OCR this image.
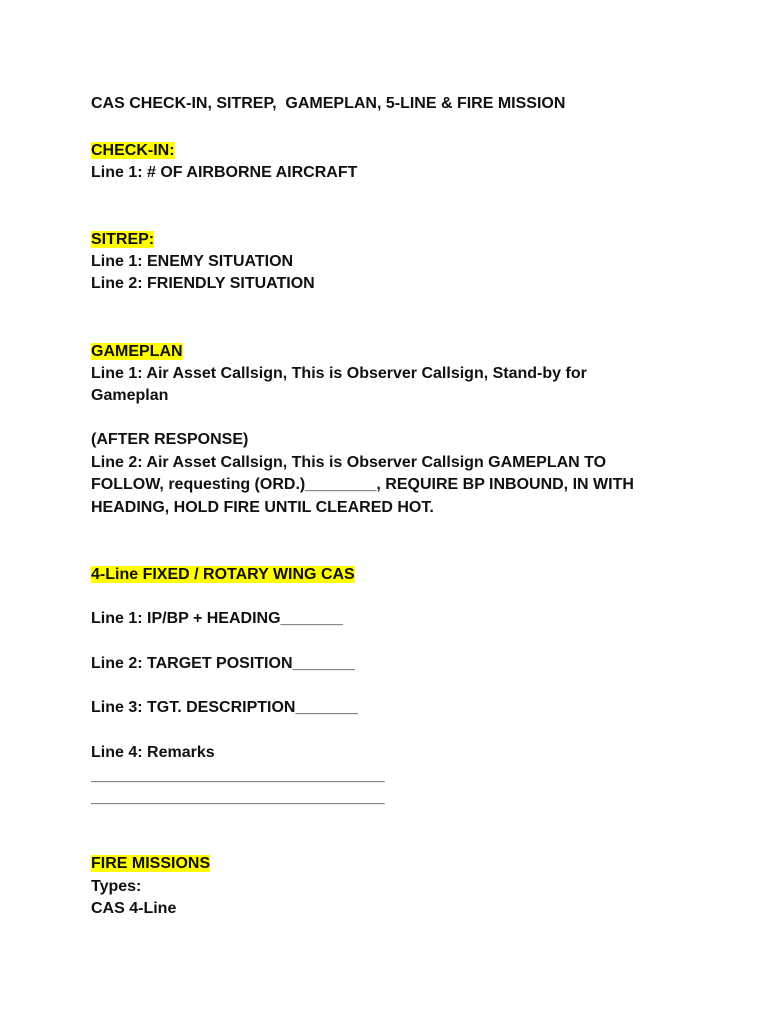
CAS CHECK-IN, SITREP,  GAMEPLAN, 5-LINE & FIRE MISSION
CHECK-IN:
Line 1: # OF AIRBORNE AIRCRAFT
SITREP:
Line 1: ENEMY SITUATION
Line 2: FRIENDLY SITUATION
GAMEPLAN
Line 1: Air Asset Callsign, This is Observer Callsign, Stand-by for
Gameplan
(AFTER RESPONSE)
Line 2: Air Asset Callsign, This is Observer Callsign GAMEPLAN TO
FOLLOW, requesting (ORD.)________, REQUIRE BP INBOUND, IN WITH
HEADING, HOLD FIRE UNTIL CLEARED HOT.
4-Line FIXED / ROTARY WING CAS
Line 1: IP/BP + HEADING_______
Line 2: TARGET POSITION_______
Line 3: TGT. DESCRIPTION_______
Line 4: Remarks
_________________________________
_________________________________
FIRE MISSIONS
Types:
CAS 4-Line
